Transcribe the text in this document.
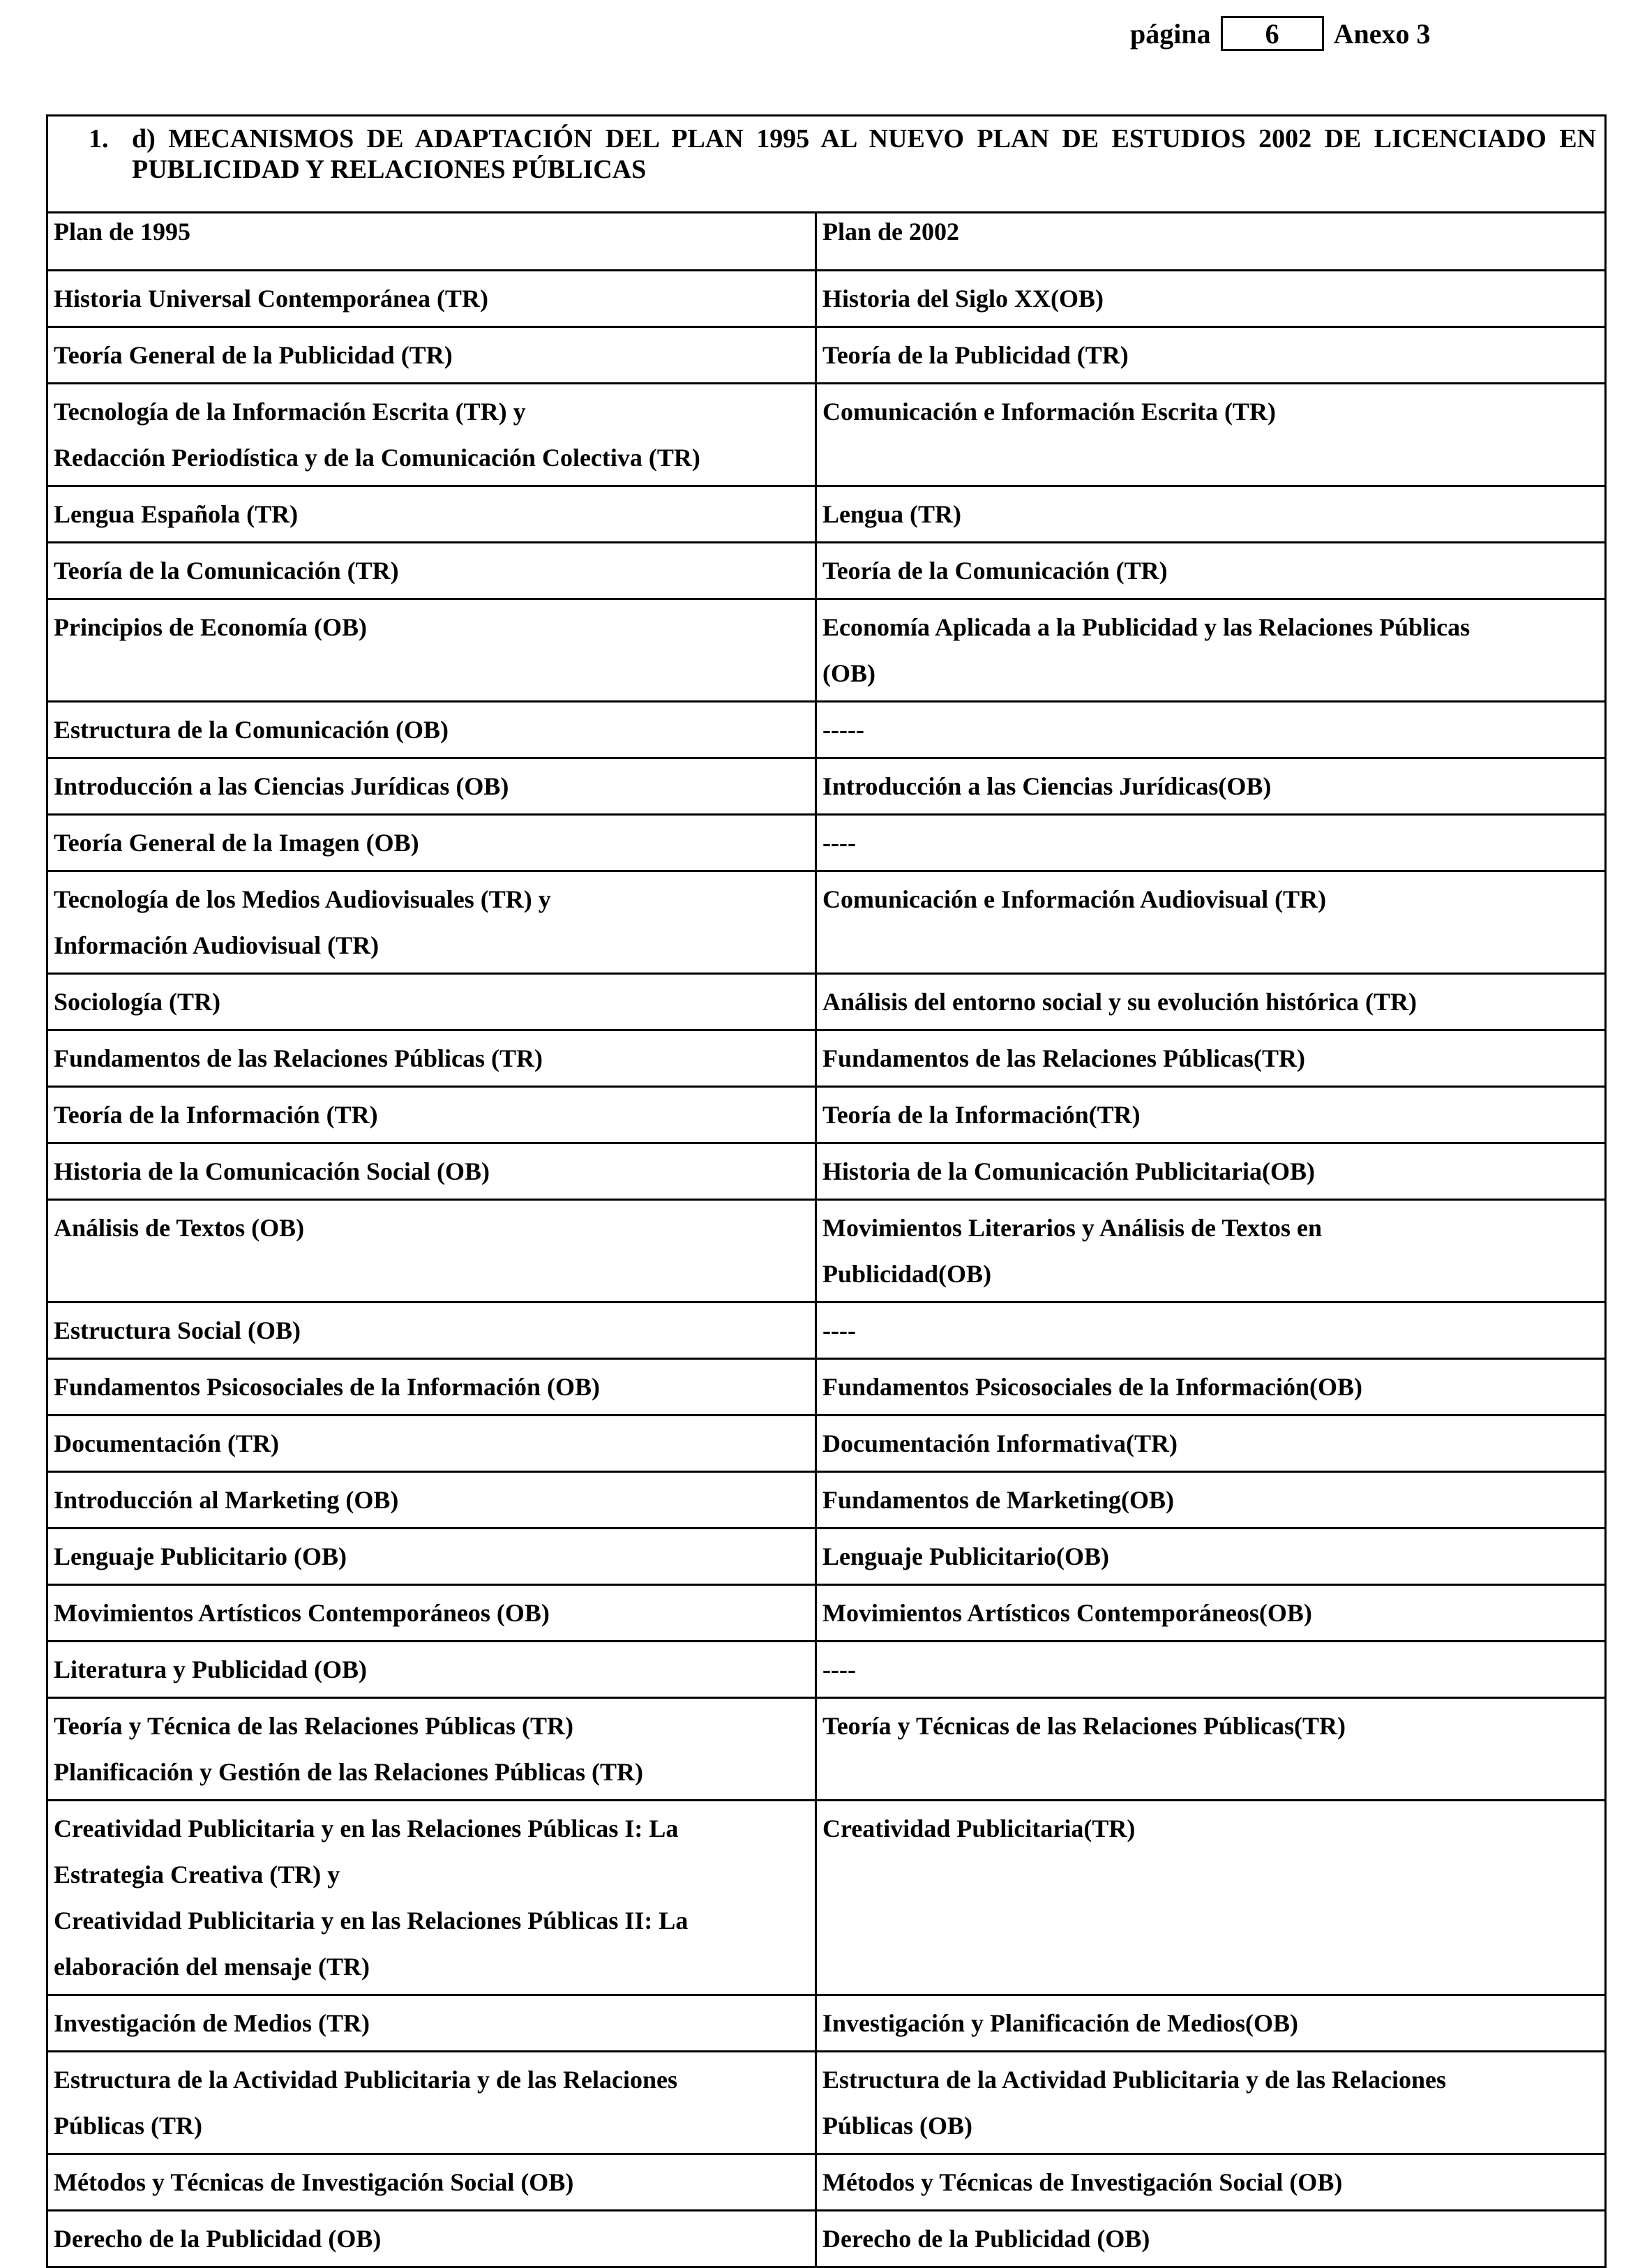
página 6 Anexo 3
1. d) MECANISMOS DE ADAPTACIÓN DEL PLAN 1995 AL NUEVO PLAN DE ESTUDIOS 2002 DE LICENCIADO EN PUBLICIDAD Y RELACIONES PÚBLICAS	

Plan de 1995	Plan de 2002

Historia Universal Contemporánea (TR)	Historia del Siglo XX(OB)

Teoría General de la Publicidad (TR)	Teoría de la Publicidad (TR)

Tecnología de la Información Escrita (TR) y
Redacción Periodística y de la Comunicación Colectiva (TR)	Comunicación e Información Escrita (TR)

Lengua Española (TR)	Lengua (TR)

Teoría de la Comunicación (TR)	Teoría de la Comunicación (TR)

Principios de Economía (OB)	Economía Aplicada a la Publicidad y las Relaciones Públicas
(OB)

Estructura de la Comunicación (OB)	-----

Introducción a las Ciencias Jurídicas (OB)	Introducción a las Ciencias Jurídicas(OB)

Teoría General de la Imagen (OB)	----

Tecnología de los Medios Audiovisuales (TR) y
Información Audiovisual (TR)	Comunicación e Información Audiovisual (TR)

Sociología (TR)	Análisis del entorno social y su evolución histórica (TR)

Fundamentos de las Relaciones Públicas (TR)	Fundamentos de las Relaciones Públicas(TR)

Teoría de la Información (TR)	Teoría de la Información(TR)

Historia de la Comunicación Social (OB)	Historia de la Comunicación Publicitaria(OB)

Análisis de Textos (OB)	Movimientos Literarios y Análisis de Textos en
Publicidad(OB)

Estructura Social (OB)	----

Fundamentos Psicosociales de la Información (OB)	Fundamentos Psicosociales de la Información(OB)

Documentación (TR)	Documentación Informativa(TR)

Introducción al Marketing (OB)	Fundamentos de Marketing(OB)

Lenguaje Publicitario (OB)	Lenguaje Publicitario(OB)

Movimientos Artísticos Contemporáneos (OB)	Movimientos Artísticos Contemporáneos(OB)

Literatura y Publicidad (OB)	----

Teoría y Técnica de las Relaciones Públicas (TR)
Planificación y Gestión de las Relaciones Públicas (TR)	Teoría y Técnicas de las Relaciones Públicas(TR)

Creatividad Publicitaria y en las Relaciones Públicas I: La
Estrategia Creativa (TR) y
Creatividad Publicitaria y en las Relaciones Públicas II: La
elaboración del mensaje (TR)	Creatividad Publicitaria(TR)

Investigación de Medios (TR)	Investigación y Planificación de Medios(OB)

Estructura de la Actividad Publicitaria y de las Relaciones
Públicas (TR)	Estructura de la Actividad Publicitaria y de las Relaciones
Públicas (OB)

Métodos y Técnicas de Investigación Social (OB)	Métodos y Técnicas de Investigación Social (OB)

Derecho de la Publicidad (OB)	Derecho de la Publicidad (OB)
